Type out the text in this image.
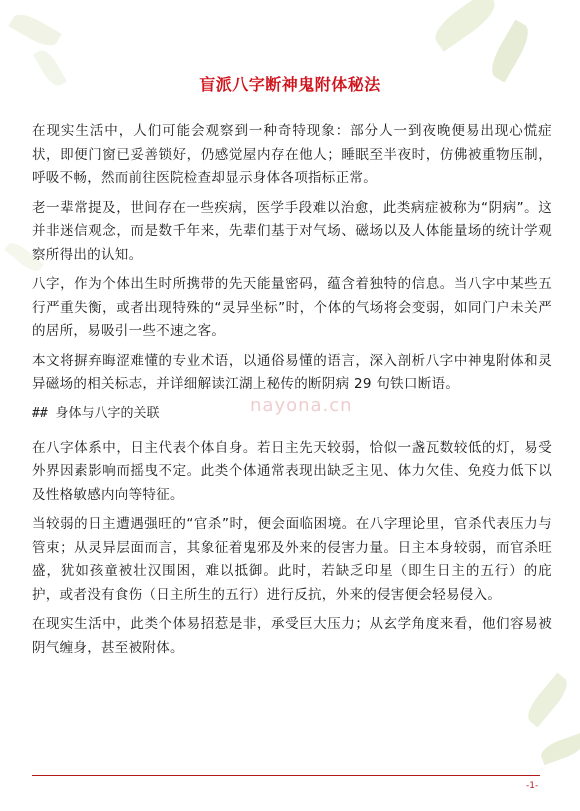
盲派八字断神鬼附体秘法

在现实生活中，人们可能会观察到一种奇特现象：部分人一到夜晚便易出现心慌症状，即便门窗已妥善锁好，仍感觉屋内存在他人；睡眠至半夜时，仿佛被重物压制，呼吸不畅，然而前往医院检查却显示身体各项指标正常。

老一辈常提及，世间存在一些疾病，医学手段难以治愈，此类病症被称为“阴病”。这并非迷信观念，而是数千年来，先辈们基于对气场、磁场以及人体能量场的统计学观察所得出的认知。

八字，作为个体出生时所携带的先天能量密码，蕴含着独特的信息。当八字中某些五行严重失衡，或者出现特殊的“灵异坐标”时，个体的气场将会变弱，如同门户未关严的居所，易吸引一些不速之客。

本文将摒弃晦涩难懂的专业术语，以通俗易懂的语言，深入剖析八字中神鬼附体和灵异磁场的相关标志，并详细解读江湖上秘传的断阴病 29 句铁口断语。

## 身体与八字的关联

在八字体系中，日主代表个体自身。若日主先天较弱，恰似一盏瓦数较低的灯，易受外界因素影响而摇曳不定。此类个体通常表现出缺乏主见、体力欠佳、免疫力低下以及性格敏感内向等特征。

当较弱的日主遭遇强旺的“官杀”时，便会面临困境。在八字理论里，官杀代表压力与管束；从灵异层面而言，其象征着鬼邪及外来的侵害力量。日主本身较弱，而官杀旺盛，犹如孩童被壮汉围困，难以抵御。此时，若缺乏印星（即生日主的五行）的庇护，或者没有食伤（日主所生的五行）进行反抗，外来的侵害便会轻易侵入。

在现实生活中，此类个体易招惹是非，承受巨大压力；从玄学角度来看，他们容易被阴气缠身，甚至被附体。

nayona.cn
-1-
